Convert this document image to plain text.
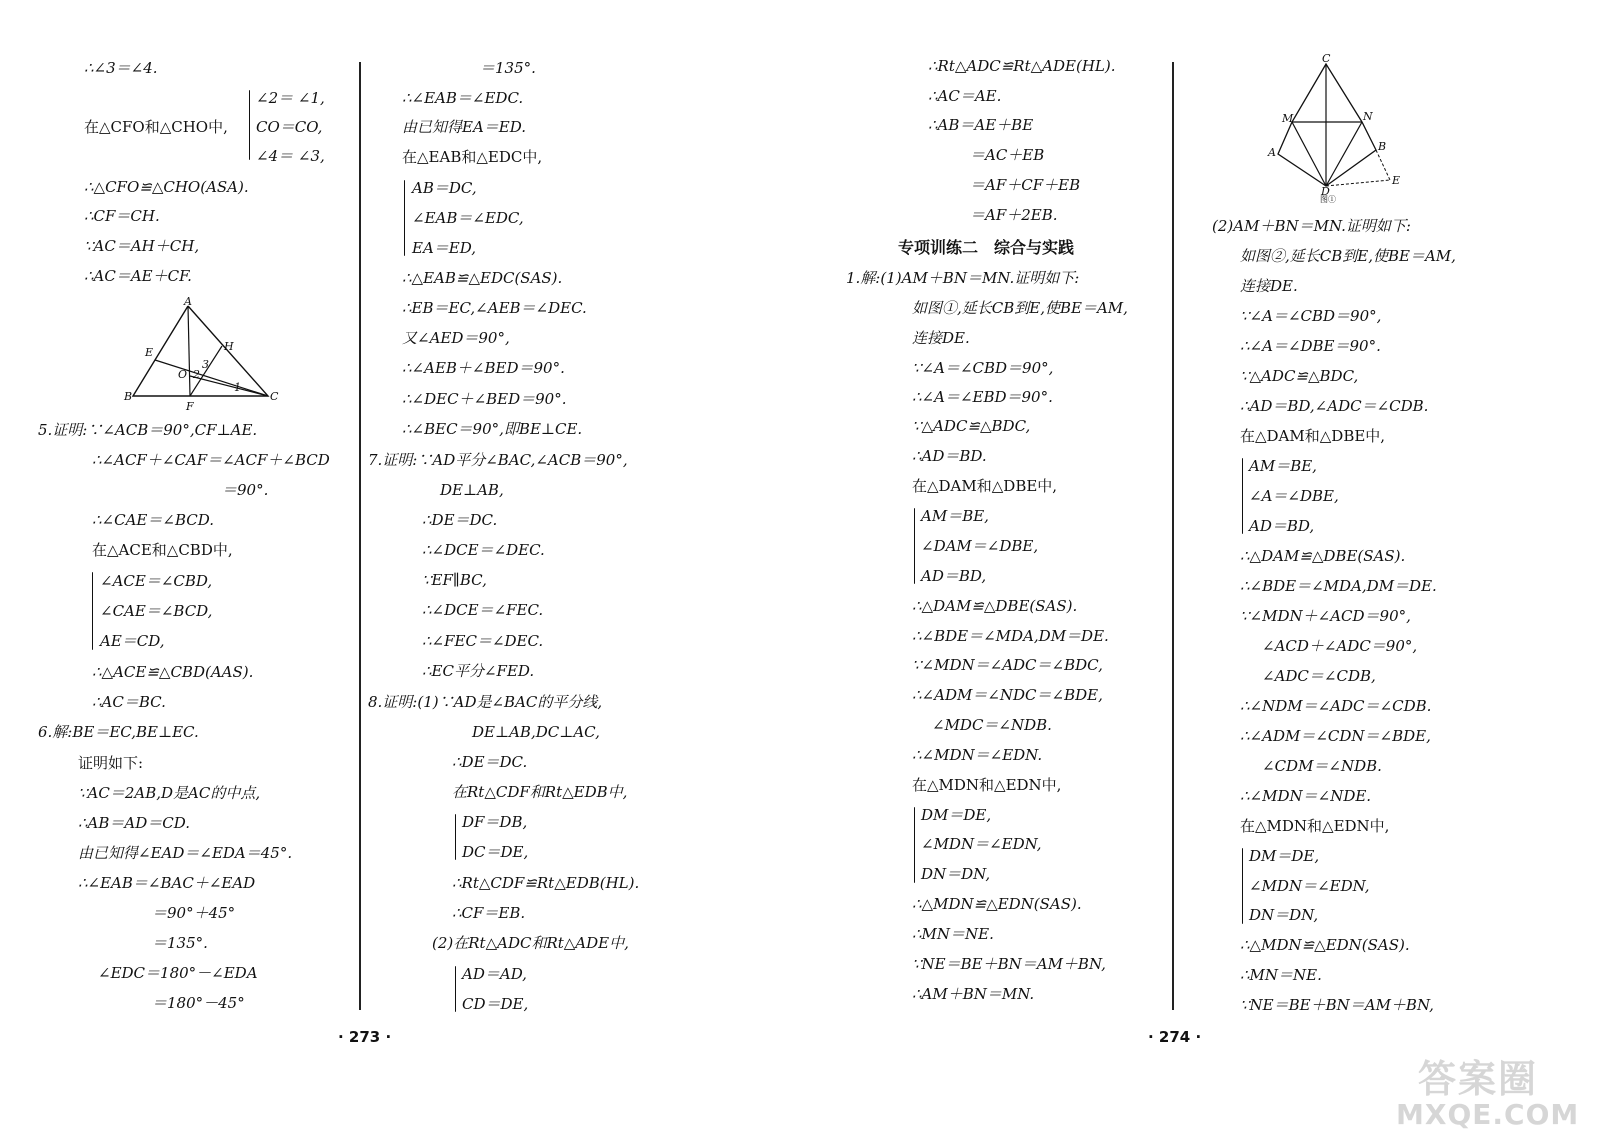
∴∠3＝∠4.
∠2＝ ∠1,
在△CFO和△CHO中, CO＝CO,
∠4＝ ∠3,
∴△CFO≌△CHO(ASA).
∴CF＝CH.
∵AC＝AH＋CH,
∴AC＝AE＋CF.
A
E	H
O
3
2
1
B
F
C
5.证明:∵∠ACB＝90°,CF⊥AE.
∴∠ACF＋∠CAF＝∠ACF＋∠BCD
＝90°.
∴∠CAE＝∠BCD.
在△ACE和△CBD中,
∠ACE＝∠CBD,
∠CAE＝∠BCD,
AE＝CD,
∴△ACE≌△CBD(AAS).
∴AC＝BC.
6.解:BE＝EC,BE⊥EC.
证明如下:
∵AC＝2AB,D是AC的中点,
∴AB＝AD＝CD.
由已知得∠EAD＝∠EDA＝45°.
∴∠EAB＝∠BAC＋∠EAD
＝90°＋45°
＝135°.
∠EDC＝180°－∠EDA
＝180°－45°
＝135°.
∴∠EAB＝∠EDC.
由已知得EA＝ED.
在△EAB和△EDC中,
AB＝DC,
∠EAB＝∠EDC,
EA＝ED,
∴△EAB≌△EDC(SAS).
∴EB＝EC,∠AEB＝∠DEC.
又∠AED＝90°,
∴∠AEB＋∠BED＝90°.
∴∠DEC＋∠BED＝90°.
∴∠BEC＝90°,即BE⊥CE.
7.证明:∵AD平分∠BAC,∠ACB＝90°,
DE⊥AB,
∴DE＝DC.
∴∠DCE＝∠DEC.
∵EF∥BC,
∴∠DCE＝∠FEC.
∴∠FEC＝∠DEC.
∴EC平分∠FED.
8.证明:(1)∵AD是∠BAC的平分线,
DE⊥AB,DC⊥AC,
∴DE＝DC.
在Rt△CDF和Rt△EDB中,
DF＝DB,
DC＝DE,
∴Rt△CDF≌Rt△EDB(HL).
∴CF＝EB.
(2)在Rt△ADC和Rt△ADE中,
AD＝AD,
CD＝DE,
∴Rt△ADC≌Rt△ADE(HL).
∴AC＝AE.
∴AB＝AE＋BE
＝AC＋EB
＝AF＋CF＋EB
＝AF＋2EB.
专项训练二　综合与实践
1.解:(1)AM＋BN＝MN.证明如下:
如图①,延长CB到E,使BE＝AM,
连接DE.
∵∠A＝∠CBD＝90°,
∴∠A＝∠EBD＝90°.
∵△ADC≌△BDC,
∴AD＝BD.
在△DAM和△DBE中,
AM＝BE,
∠DAM＝∠DBE,
AD＝BD,
∴△DAM≌△DBE(SAS).
∴∠BDE＝∠MDA,DM＝DE.
∵∠MDN＝∠ADC＝∠BDC,
∴∠ADM＝∠NDC＝∠BDE,
∠MDC＝∠NDB.
∴∠MDN＝∠EDN.
在△MDN和△EDN中,
DM＝DE,
∠MDN＝∠EDN,
DN＝DN,
∴△MDN≌△EDN(SAS).
∴MN＝NE.
∵NE＝BE＋BN＝AM＋BN,
∴AM＋BN＝MN.
C
M	N
A	B
D
E
图①
(2)AM＋BN＝MN.证明如下:
如图②,延长CB到E,使BE＝AM,
连接DE.
∵∠A＝∠CBD＝90°,
∴∠A＝∠DBE＝90°.
∵△ADC≌△BDC,
∴AD＝BD,∠ADC＝∠CDB.
在△DAM和△DBE中,
AM＝BE,
∠A＝∠DBE,
AD＝BD,
∴△DAM≌△DBE(SAS).
∴∠BDE＝∠MDA,DM＝DE.
∵∠MDN＋∠ACD＝90°,
∠ACD＋∠ADC＝90°,
∠ADC＝∠CDB,
∴∠NDM＝∠ADC＝∠CDB.
∴∠ADM＝∠CDN＝∠BDE,
∠CDM＝∠NDB.
∴∠MDN＝∠NDE.
在△MDN和△EDN中,
DM＝DE,
∠MDN＝∠EDN,
DN＝DN,
∴△MDN≌△EDN(SAS).
∴MN＝NE.
∵NE＝BE＋BN＝AM＋BN,
· 273 ·	· 274 ·
答案圈
MXQE.COM
